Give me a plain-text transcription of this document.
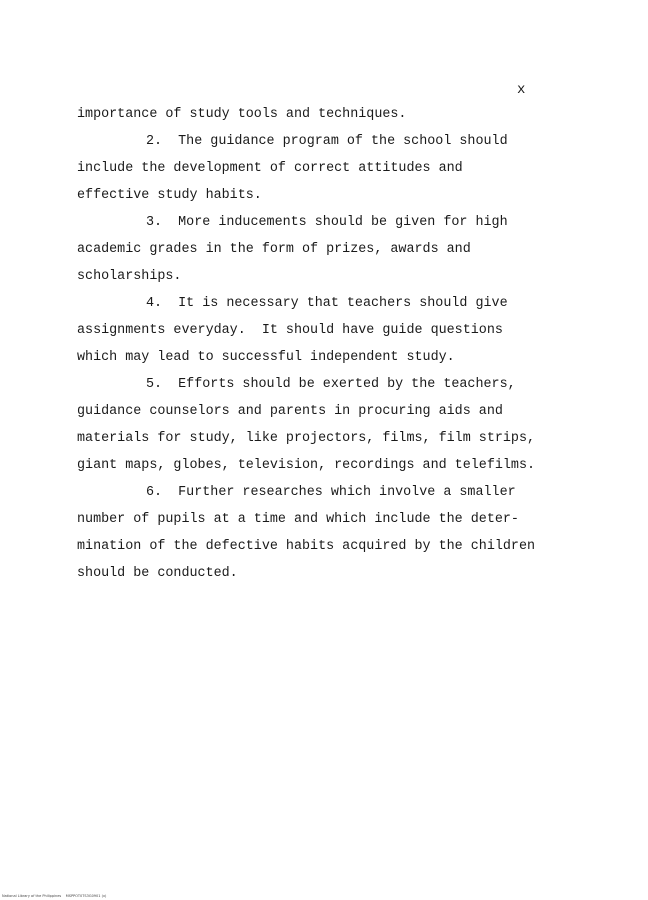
x
importance of study tools and techniques.
2.  The guidance program of the school should
include the development of correct attitudes and
effective study habits.
3.  More inducements should be given for high
academic grades in the form of prizes, awards and
scholarships.
4.  It is necessary that teachers should give
assignments everyday.  It should have guide questions
which may lead to successful independent study.
5.  Efforts should be exerted by the teachers,
guidance counselors and parents in procuring aids and
materials for study, like projectors, films, film strips,
giant maps, globes, television, recordings and telefilms.
6.  Further researches which involve a smaller
number of pupils at a time and which include the deter-
mination of the defective habits acquired by the children
should be conducted.
National Library of the Philippines    MSPPOT0TS3G0901 (x)
